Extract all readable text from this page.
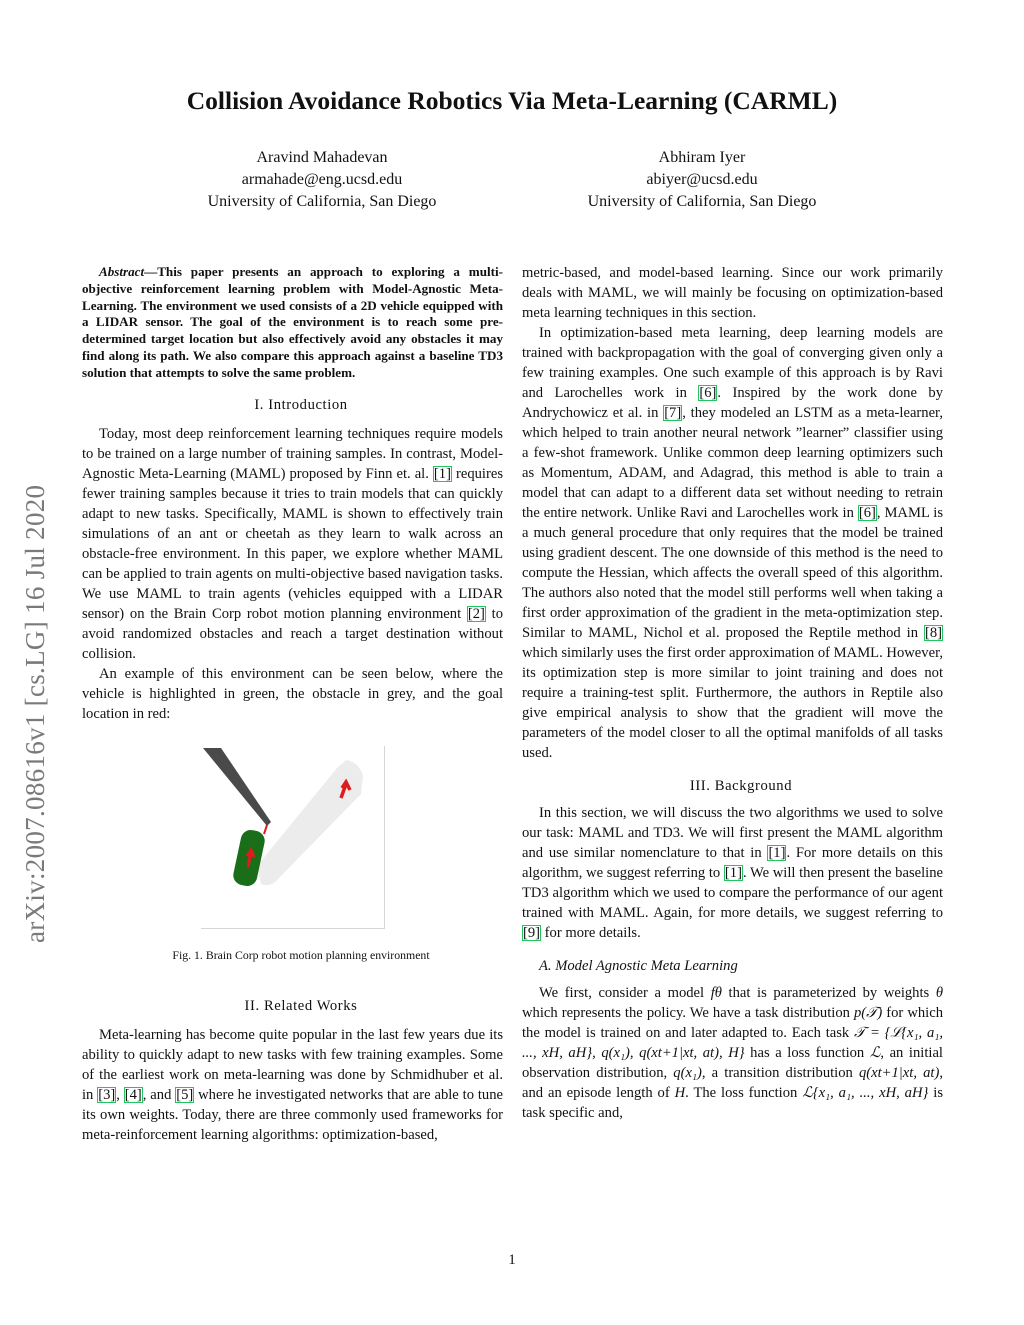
arXiv:2007.08616v1 [cs.LG] 16 Jul 2020
Collision Avoidance Robotics Via Meta-Learning (CARML)
Aravind Mahadevan
armahade@eng.ucsd.edu
University of California, San Diego
Abhiram Iyer
abiyer@ucsd.edu
University of California, San Diego

Abstract—This paper presents an approach to exploring a multi-objective reinforcement learning problem with Model-Agnostic Meta-Learning. The environment we used consists of a 2D vehicle equipped with a LIDAR sensor. The goal of the environment is to reach some pre-determined target location but also effectively avoid any obstacles it may find along its path. We also compare this approach against a baseline TD3 solution that attempts to solve the same problem.

I. Introduction

Today, most deep reinforcement learning techniques require models to be trained on a large number of training samples. In contrast, Model-Agnostic Meta-Learning (MAML) proposed by Finn et. al. [1] requires fewer training samples because it tries to train models that can quickly adapt to new tasks. Specifically, MAML is shown to effectively train simulations of an ant or cheetah as they learn to walk across an obstacle-free environment. In this paper, we explore whether MAML can be applied to train agents on multi-objective based navigation tasks. We use MAML to train agents (vehicles equipped with a LIDAR sensor) on the Brain Corp robot motion planning environment [2] to avoid randomized obstacles and reach a target destination without collision.

An example of this environment can be seen below, where the vehicle is highlighted in green, the obstacle in grey, and the goal location in red:

Fig. 1. Brain Corp robot motion planning environment

II. Related Works

Meta-learning has become quite popular in the last few years due its ability to quickly adapt to new tasks with few training examples. Some of the earliest work on meta-learning was done by Schmidhuber et al. in [3], [4], and [5] where he investigated networks that are able to tune its own weights. Today, there are three commonly used frameworks for meta-reinforcement learning algorithms: optimization-based,

metric-based, and model-based learning. Since our work primarily deals with MAML, we will mainly be focusing on optimization-based meta learning techniques in this section.

In optimization-based meta learning, deep learning models are trained with backpropagation with the goal of converging given only a few training examples. One such example of this approach is by Ravi and Larochelles work in [6]. Inspired by the work done by Andrychowicz et al. in [7], they modeled an LSTM as a meta-learner, which helped to train another neural network ”learner” classifier using a few-shot framework. Unlike common deep learning optimizers such as Momentum, ADAM, and Adagrad, this method is able to train a model that can adapt to a different data set without needing to retrain the entire network. Unlike Ravi and Larochelles work in [6], MAML is a much general procedure that only requires that the model be trained using gradient descent. The one downside of this method is the need to compute the Hessian, which affects the overall speed of this algorithm. The authors also noted that the model still performs well when taking a first order approximation of the gradient in the meta-optimization step. Similar to MAML, Nichol et al. proposed the Reptile method in [8] which similarly uses the first order approximation of MAML. However, its optimization step is more similar to joint training and does not require a training-test split. Furthermore, the authors in Reptile also give empirical analysis to show that the gradient will move the parameters of the model closer to all the optimal manifolds of all tasks used.

III. Background

In this section, we will discuss the two algorithms we used to solve our task: MAML and TD3. We will first present the MAML algorithm and use similar nomenclature to that in [1]. For more details on this algorithm, we suggest referring to [1]. We will then present the baseline TD3 algorithm which we used to compare the performance of our agent trained with MAML. Again, for more details, we suggest referring to [9] for more details.

A. Model Agnostic Meta Learning

We first, consider a model fθ that is parameterized by weights θ which represents the policy. We have a task distribution p(𝒯) for which the model is trained on and later adapted to. Each task 𝒯 = {ℒ{x₁, a₁, ..., xH, aH}, q(x₁), q(xt+1|xt, at), H} has a loss function ℒ, an initial observation distribution, q(x₁), a transition distribution q(xt+1|xt, at), and an episode length of H. The loss function ℒ{x₁, a₁, ..., xH, aH} is task specific and,

1
